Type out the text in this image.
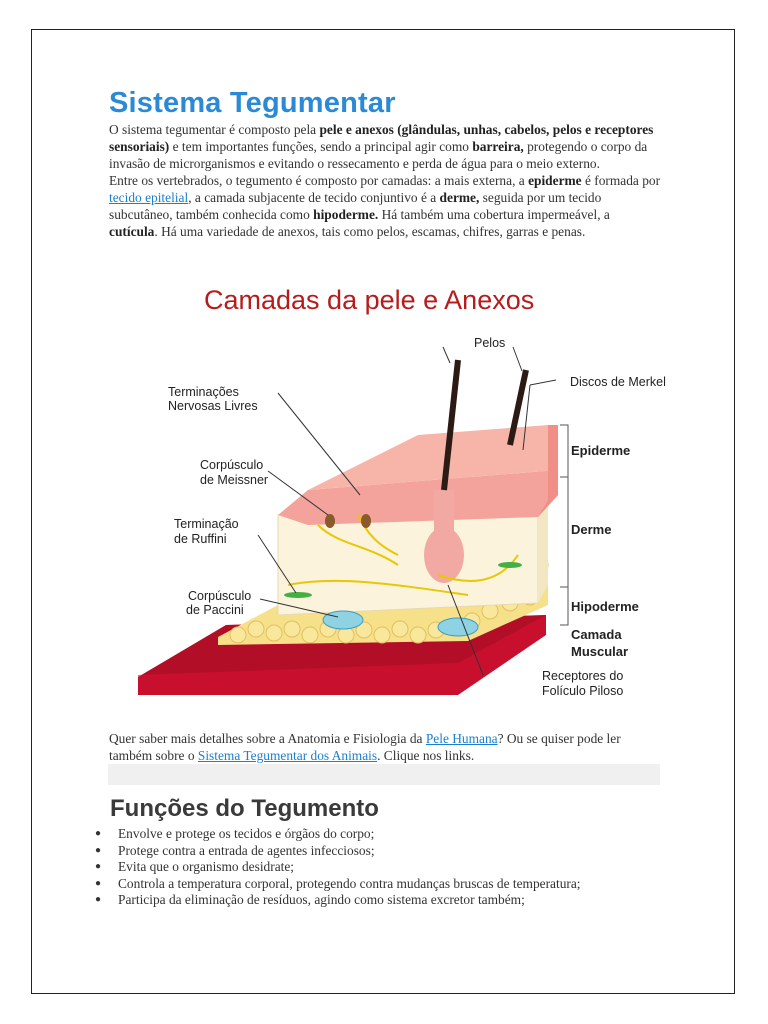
Sistema Tegumentar

O sistema tegumentar é composto pela pele e anexos (glândulas, unhas, cabelos, pelos e receptores sensoriais) e tem importantes funções, sendo a principal agir como barreira, protegendo o corpo da invasão de microrganismos e evitando o ressecamento e perda de água para o meio externo.

Entre os vertebrados, o tegumento é composto por camadas: a mais externa, a epiderme é formada por tecido epitelial, a camada subjacente de tecido conjuntivo é a derme, seguida por um tecido subcutâneo, também conhecida como hipoderme. Há também uma cobertura impermeável, a cutícula. Há uma variedade de anexos, tais como pelos, escamas, chifres, garras e penas.

Camadas da pele e Anexos
Pelos
Terminações
Nervosas Livres
Discos de Merkel
Corpúsculo
de Meissner
Terminação
de Ruffini
Corpúsculo
de Paccini
Epiderme
Derme
Hipoderme
Camada
Muscular
Receptores do
Folículo Piloso

Quer saber mais detalhes sobre a Anatomia e Fisiologia da Pele Humana? Ou se quiser pode ler também sobre o Sistema Tegumentar dos Animais. Clique nos links.

Funções do Tegumento
● Envolve e protege os tecidos e órgãos do corpo;
● Protege contra a entrada de agentes infecciosos;
● Evita que o organismo desidrate;
● Controla a temperatura corporal, protegendo contra mudanças bruscas de temperatura;
● Participa da eliminação de resíduos, agindo como sistema excretor também;
